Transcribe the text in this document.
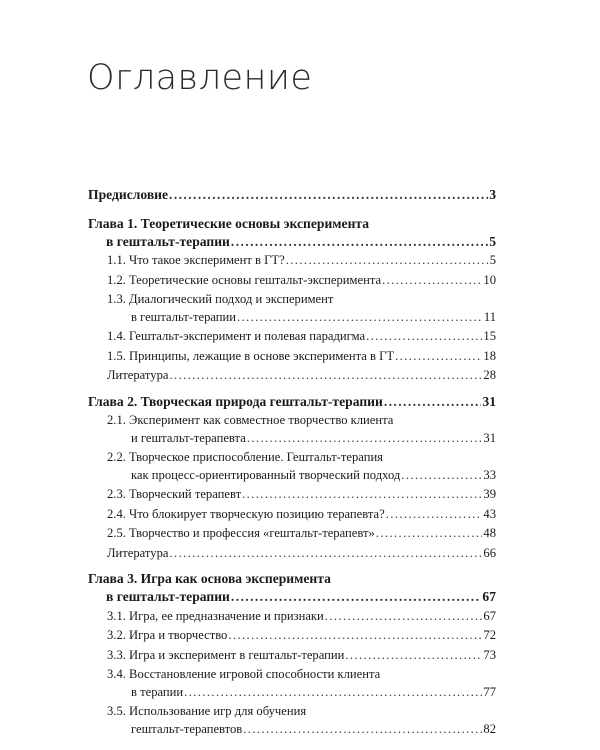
Оглавление
Предисловие .....	3
Глава 1. Теоретические основы эксперимента
в гештальт-терапии .....	5
1.1. Что такое эксперимент в ГТ? .....	5
1.2. Теоретические основы гештальт-эксперимента .....	10
1.3. Диалогический подход и эксперимент
в гештальт-терапии .....	11
1.4. Гештальт-эксперимент и полевая парадигма .....	15
1.5. Принципы, лежащие в основе эксперимента в ГТ .....	18
Литература .....	28
Глава 2. Творческая природа гештальт-терапии .....	31
2.1. Эксперимент как совместное творчество клиента
и гештальт-терапевта .....	31
2.2. Творческое приспособление. Гештальт-терапия
как процесс-ориентированный творческий подход .....	33
2.3. Творческий терапевт .....	39
2.4. Что блокирует творческую позицию терапевта? .....	43
2.5. Творчество и профессия «гештальт-терапевт» .....	48
Литература .....	66
Глава 3. Игра как основа эксперимента
в гештальт-терапии .....	67
3.1. Игра, ее предназначение и признаки .....	67
3.2. Игра и творчество .....	72
3.3. Игра и эксперимент в гештальт-терапии .....	73
3.4. Восстановление игровой способности клиента
в терапии .....	77
3.5. Использование игр для обучения
гештальт-терапевтов .....	82
